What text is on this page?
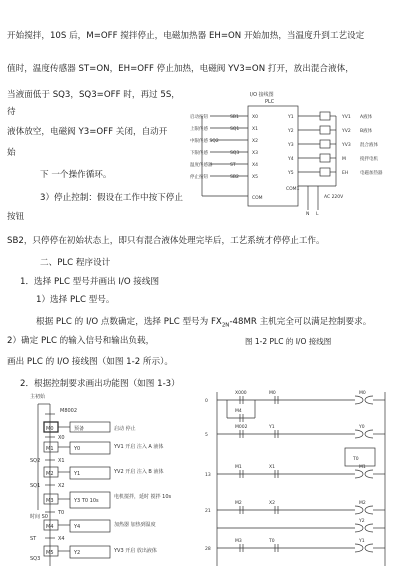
开始搅拌，10S 后，M=OFF 搅拌停止，电磁加热器 EH=ON 开始加热，当温度升到工艺设定
值时，温度传感器 ST=ON，EH=OFF 停止加热，电磁阀 YV3=ON 打开，放出混合液体，
当液面低于 SQ3，SQ3=OFF 时，再过 5S，
待
液体放空，电磁阀 Y3=OFF 关闭，自动开
始
下 一个操作循环。
3）停止控制：假设在工作中按下停止
按钮
SB2，只停停在初始状态上，即只有混合液体处理完毕后，工艺系统才停停止工作。
二、PLC 程序设计
1．选择 PLC 型号并画出 I/O 接线图
1）选择 PLC 型号。
根据 PLC 的 I/O 点数确定，选择 PLC 型号为 $FX_{2N}-48MR$ 主机完全可以满足控制要求。
2）确定 PLC 的输入信号和输出负载，	图 1-2 PLC 的 I/O 接线图
画出 PLC 的 I/O 接线图（如图 1-2 所示）。
2．根据控制要求画出功能图（如图 1-3）
I/O 接线图
PLC
启动按钮	SB1	X0
上限传感	SQ1	X1
中限传感 SQ2	X2
下限传感	SQ3	X3
温度传感器	ST	X4
停止按钮	SB2	X5
COM
Y1	YV1 A液体
Y2	YV2 B液体
Y3	YV3 混合液体
Y4	M	搅拌电机
Y5	EH	电磁加热器
COM1
AC 220V
N L
主初始
M8002
M0	预备
M1	Y0
M2	Y1
M3	Y3 T0 10s
M4	Y4
M5	Y2
启动 停止
YV1 开启 注入 A 液体
YV2 开启 注入 B 液体
电机搅拌，延时 搅拌 10s
加热器 加热到温度
YV3 开启 放出液体
X0
X1
SQ2
X2
SQ1
T0
X4
ST
时间 S0
SQ3
0
5
13
21
28
X000	M0
M4
M002	Y1
M1	X1
M2	X2
M3	T0
M0
Y0
T0
M1
M2
Y2
Y1
